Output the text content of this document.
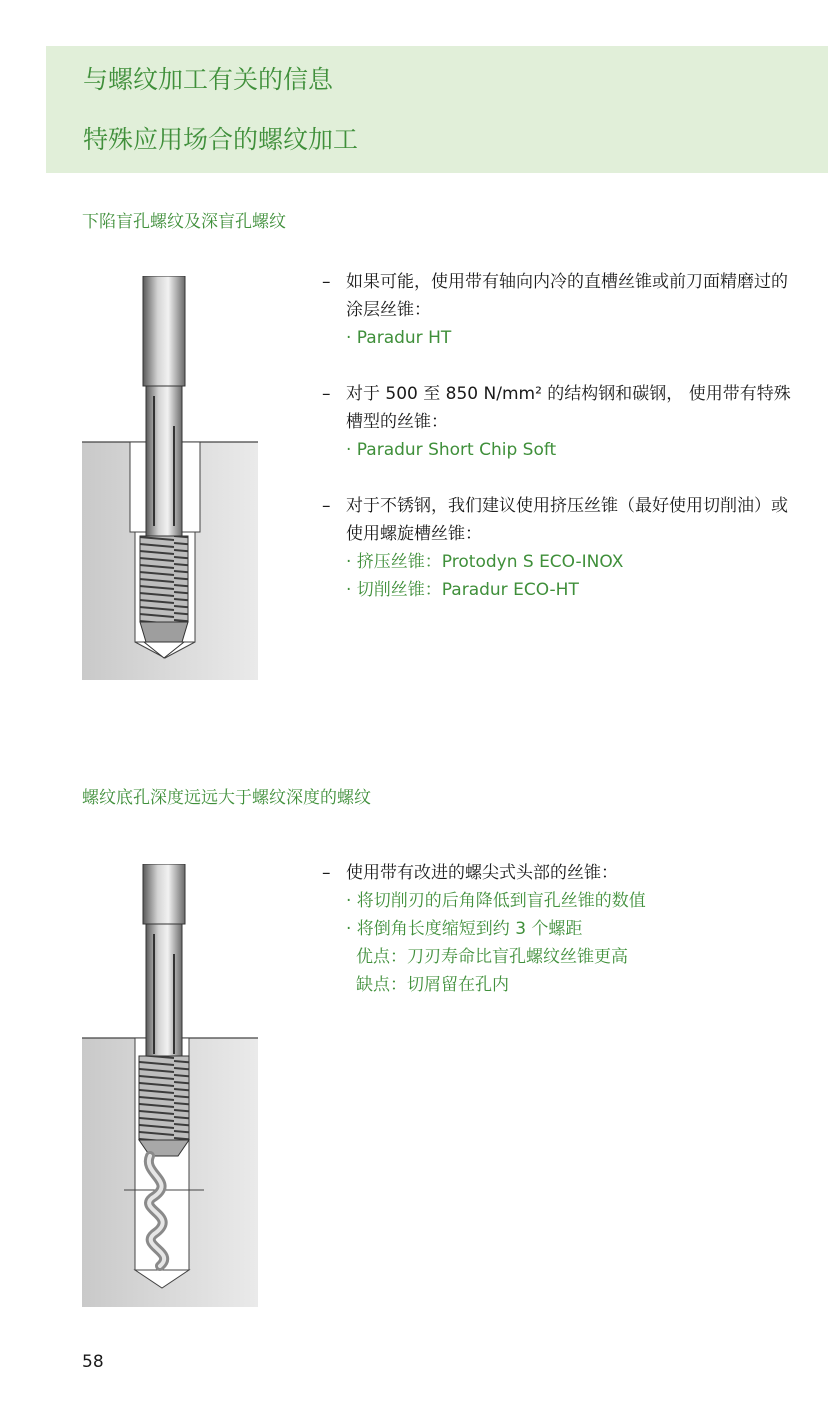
与螺纹加工有关的信息
特殊应用场合的螺纹加工
下陷盲孔螺纹及深盲孔螺纹
– 如果可能，使用带有轴向内冷的直槽丝锥或前刀面精磨过的涂层丝锥：
· Paradur HT
– 对于 500 至 850 N/mm² 的结构钢和碳钢， 使用带有特殊槽型的丝锥：
· Paradur Short Chip Soft
– 对于不锈钢，我们建议使用挤压丝锥（最好使用切削油）或使用螺旋槽丝锥：
· 挤压丝锥：Protodyn S ECO-INOX
· 切削丝锥：Paradur ECO-HT
螺纹底孔深度远远大于螺纹深度的螺纹
– 使用带有改进的螺尖式头部的丝锥：
· 将切削刃的后角降低到盲孔丝锥的数值
· 将倒角长度缩短到约 3 个螺距
优点：刀刃寿命比盲孔螺纹丝锥更高
缺点：切屑留在孔内
58
